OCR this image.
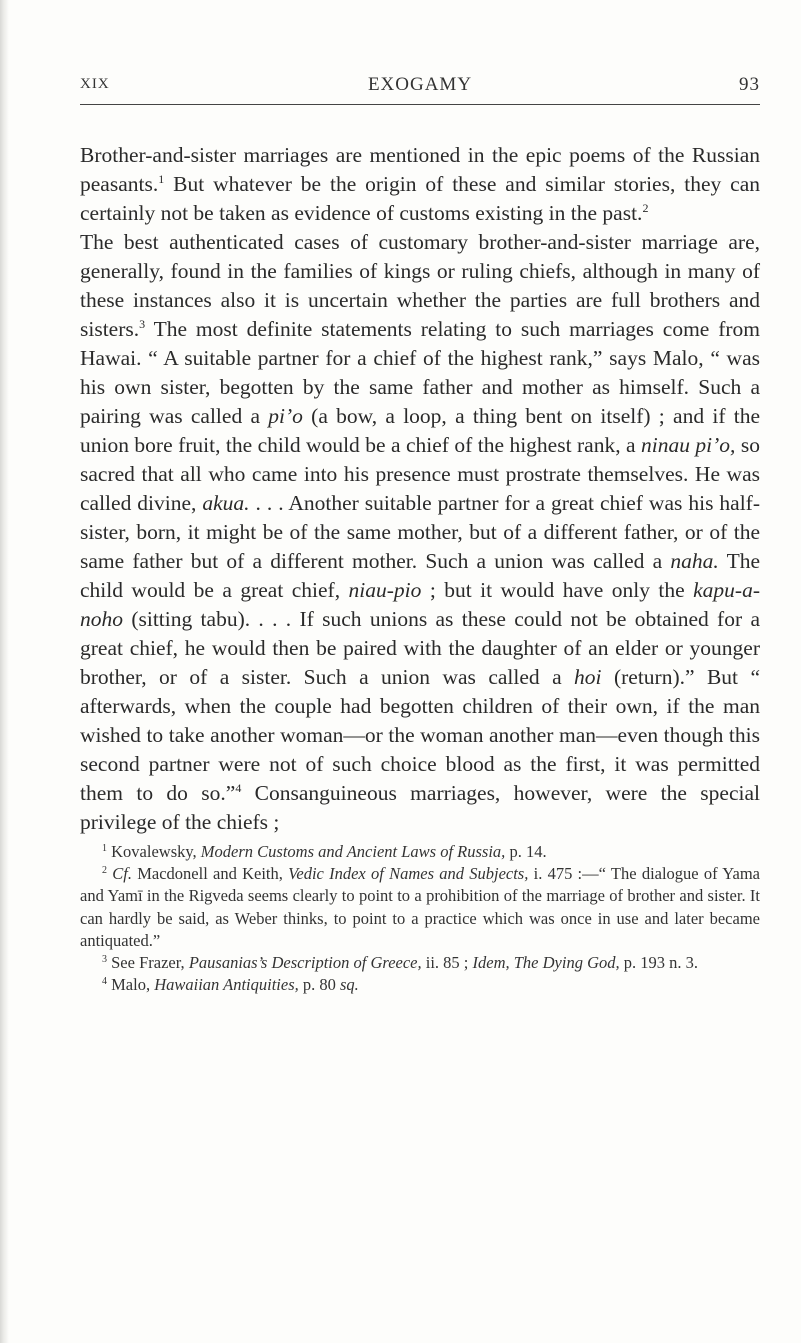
XIX	EXOGAMY	93

Brother-and-sister marriages are mentioned in the epic poems of the Russian peasants.$^1$ But whatever be the origin of these and similar stories, they can certainly not be taken as evidence of customs existing in the past.$^2$

The best authenticated cases of customary brother-and-sister marriage are, generally, found in the families of kings or ruling chiefs, although in many of these instances also it is uncertain whether the parties are full brothers and sisters.$^3$ The most definite statements relating to such marriages come from Hawai. “ A suitable partner for a chief of the highest rank,” says Malo, “ was his own sister, begotten by the same father and mother as himself. Such a pairing was called a pi’o (a bow, a loop, a thing bent on itself) ; and if the union bore fruit, the child would be a chief of the highest rank, a ninau pi’o, so sacred that all who came into his presence must prostrate themselves. He was called divine, akua. . . . Another suitable partner for a great chief was his half-sister, born, it might be of the same mother, but of a different father, or of the same father but of a different mother. Such a union was called a naha. The child would be a great chief, niau-pio ; but it would have only the kapu-a-noho (sitting tabu). . . . If such unions as these could not be obtained for a great chief, he would then be paired with the daughter of an elder or younger brother, or of a sister. Such a union was called a hoi (return).” But “ afterwards, when the couple had begotten children of their own, if the man wished to take another woman—or the woman another man—even though this second partner were not of such choice blood as the first, it was permitted them to do so.”$^4$ Consanguineous marriages, however, were the special privilege of the chiefs ;

$^1$ Kovalewsky, Modern Customs and Ancient Laws of Russia, p. 14.

$^2$ Cf. Macdonell and Keith, Vedic Index of Names and Subjects, i. 475 :—“ The dialogue of Yama and Yamī in the Rigveda seems clearly to point to a prohibition of the marriage of brother and sister. It can hardly be said, as Weber thinks, to point to a practice which was once in use and later became antiquated.”

$^3$ See Frazer, Pausanias’s Description of Greece, ii. 85 ; Idem, The Dying God, p. 193 n. 3.

$^4$ Malo, Hawaiian Antiquities, p. 80 sq.
